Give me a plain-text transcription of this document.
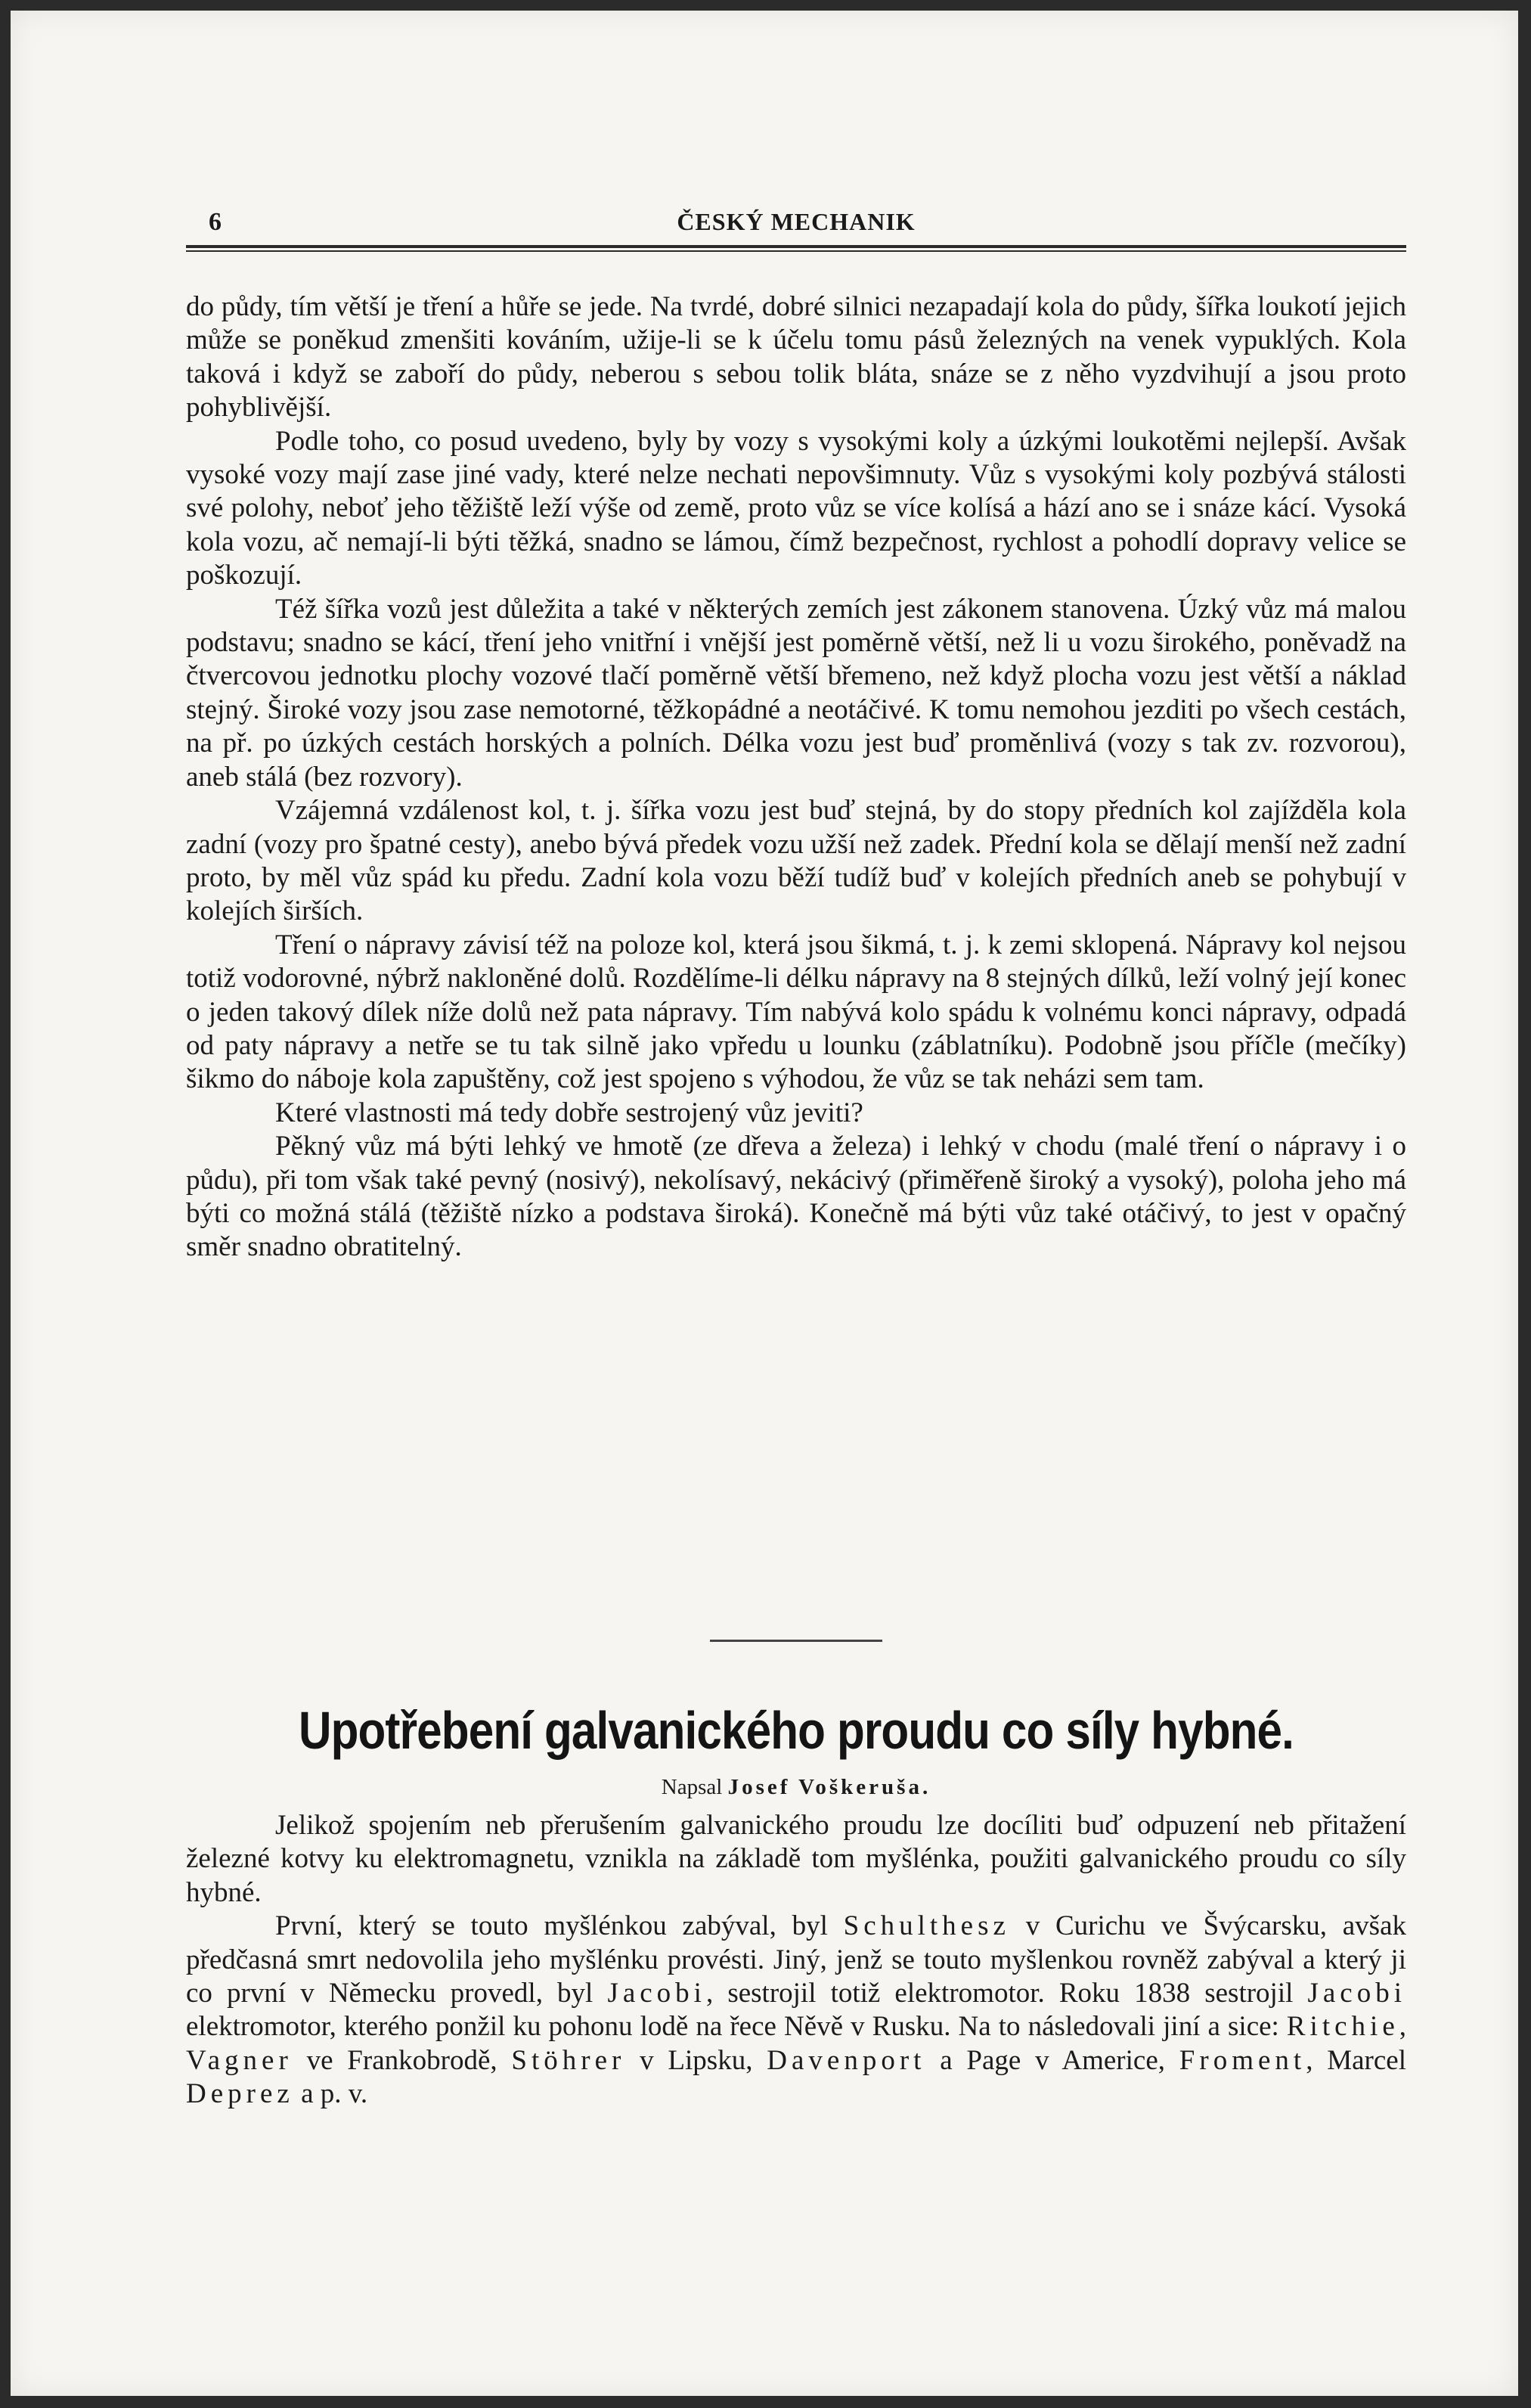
6	ČESKÝ MECHANIK

do půdy, tím větší je tření a hůře se jede. Na tvrdé, dobré silnici nezapadají kola do půdy, šířka loukotí jejich může se poněkud zmenšiti kováním, užije-li se k účelu tomu pásů železných na venek vypuklých. Kola taková i když se zaboří do půdy, neberou s sebou tolik bláta, snáze se z něho vyzdvihují a jsou proto pohyblivější.

Podle toho, co posud uvedeno, byly by vozy s vysokými koly a úzkými loukotěmi nejlepší. Avšak vysoké vozy mají zase jiné vady, které nelze nechati nepovšimnuty. Vůz s vysokými koly pozbývá stálosti své polohy, neboť jeho těžiště leží výše od země, proto vůz se více kolísá a hází ano se i snáze kácí. Vysoká kola vozu, ač nemají-li býti těžká, snadno se lámou, čímž bezpečnost, rychlost a pohodlí dopravy velice se poškozují.

Též šířka vozů jest důležita a také v některých zemích jest zákonem stanovena. Úzký vůz má malou podstavu; snadno se kácí, tření jeho vnitřní i vnější jest poměrně větší, než li u vozu širokého, poněvadž na čtvercovou jednotku plochy vozové tlačí poměrně větší břemeno, než když plocha vozu jest větší a náklad stejný. Široké vozy jsou zase nemotorné, těžkopádné a neotáčivé. K tomu nemohou jezditi po všech cestách, na př. po úzkých cestách horských a polních. Délka vozu jest buď proměnlivá (vozy s tak zv. rozvorou), aneb stálá (bez rozvory).

Vzájemná vzdálenost kol, t. j. šířka vozu jest buď stejná, by do stopy předních kol zajížděla kola zadní (vozy pro špatné cesty), anebo bývá předek vozu užší než zadek. Přední kola se dělají menší než zadní proto, by měl vůz spád ku předu. Zadní kola vozu běží tudíž buď v kolejích předních aneb se pohybují v kolejích širších.

Tření o nápravy závisí též na poloze kol, která jsou šikmá, t. j. k zemi sklopená. Nápravy kol nejsou totiž vodorovné, nýbrž nakloněné dolů. Rozdělíme-li délku nápravy na 8 stejných dílků, leží volný její konec o jeden takový dílek níže dolů než pata nápravy. Tím nabývá kolo spádu k volnému konci nápravy, odpadá od paty nápravy a netře se tu tak silně jako vpředu u lounku (záblatníku). Podobně jsou příčle (mečíky) šikmo do náboje kola zapuštěny, což jest spojeno s výhodou, že vůz se tak neházi sem tam.

Které vlastnosti má tedy dobře sestrojený vůz jeviti?

Pěkný vůz má býti lehký ve hmotě (ze dřeva a železa) i lehký v chodu (malé tření o nápravy i o půdu), při tom však také pevný (nosivý), nekolísavý, nekácivý (přiměřeně široký a vysoký), poloha jeho má býti co možná stálá (těžiště nízko a podstava široká). Konečně má býti vůz také otáčivý, to jest v opačný směr snadno obratitelný.

Upotřebení galvanického proudu co síly hybné.
Napsal Josef Voškeruša.

Jelikož spojením neb přerušením galvanického proudu lze docíliti buď odpuzení neb přitažení železné kotvy ku elektromagnetu, vznikla na základě tom myšlénka, použiti galvanického proudu co síly hybné.

První, který se touto myšlénkou zabýval, byl Schulthesz v Curichu ve Švýcarsku, avšak předčasná smrt nedovolila jeho myšlénku provésti. Jiný, jenž se touto myšlenkou rovněž zabýval a který ji co první v Německu provedl, byl Jacobi, sestrojil totiž elektromotor. Roku 1838 sestrojil Jacobi elektromotor, kterého ponžil ku pohonu lodě na řece Něvě v Rusku. Na to následovali jiní a sice: Ritchie, Vagner ve Frankobrodě, Stöhrer v Lipsku, Davenport a Page v Americe, Froment, Marcel Deprez a p. v.
